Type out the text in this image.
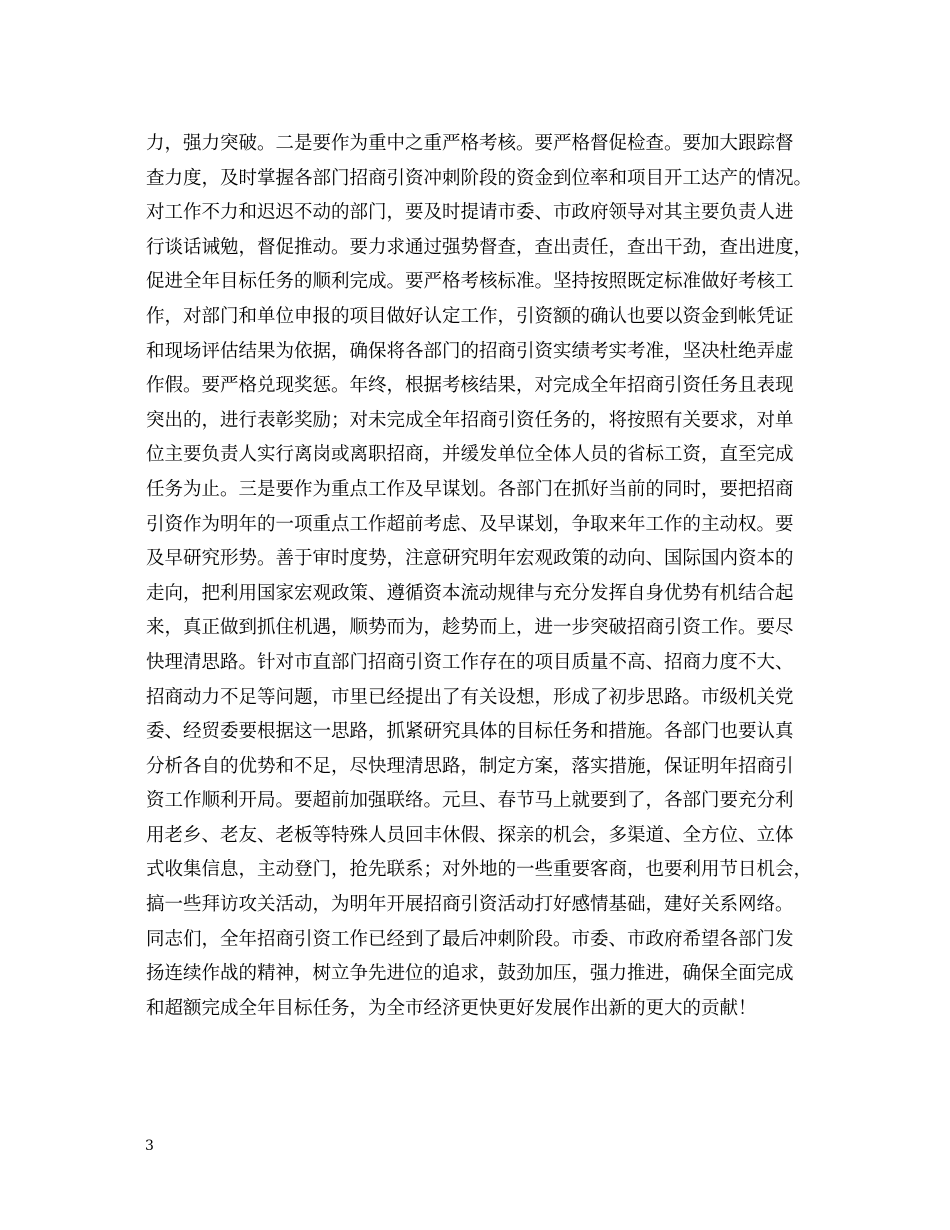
力，强力突破。二是要作为重中之重严格考核。要严格督促检查。要加大跟踪督
查力度，及时掌握各部门招商引资冲刺阶段的资金到位率和项目开工达产的情况。
对工作不力和迟迟不动的部门，要及时提请市委、市政府领导对其主要负责人进
行谈话诫勉，督促推动。要力求通过强势督查，查出责任，查出干劲，查出进度，
促进全年目标任务的顺利完成。要严格考核标准。坚持按照既定标准做好考核工
作，对部门和单位申报的项目做好认定工作，引资额的确认也要以资金到帐凭证
和现场评估结果为依据，确保将各部门的招商引资实绩考实考准，坚决杜绝弄虚
作假。要严格兑现奖惩。年终，根据考核结果，对完成全年招商引资任务且表现
突出的，进行表彰奖励；对未完成全年招商引资任务的，将按照有关要求，对单
位主要负责人实行离岗或离职招商，并缓发单位全体人员的省标工资，直至完成
任务为止。三是要作为重点工作及早谋划。各部门在抓好当前的同时，要把招商
引资作为明年的一项重点工作超前考虑、及早谋划，争取来年工作的主动权。要
及早研究形势。善于审时度势，注意研究明年宏观政策的动向、国际国内资本的
走向，把利用国家宏观政策、遵循资本流动规律与充分发挥自身优势有机结合起
来，真正做到抓住机遇，顺势而为，趁势而上，进一步突破招商引资工作。要尽
快理清思路。针对市直部门招商引资工作存在的项目质量不高、招商力度不大、
招商动力不足等问题，市里已经提出了有关设想，形成了初步思路。市级机关党
委、经贸委要根据这一思路，抓紧研究具体的目标任务和措施。各部门也要认真
分析各自的优势和不足，尽快理清思路，制定方案，落实措施，保证明年招商引
资工作顺利开局。要超前加强联络。元旦、春节马上就要到了，各部门要充分利
用老乡、老友、老板等特殊人员回丰休假、探亲的机会，多渠道、全方位、立体
式收集信息，主动登门，抢先联系；对外地的一些重要客商，也要利用节日机会，
搞一些拜访攻关活动，为明年开展招商引资活动打好感情基础，建好关系网络。
同志们，全年招商引资工作已经到了最后冲刺阶段。市委、市政府希望各部门发
扬连续作战的精神，树立争先进位的追求，鼓劲加压，强力推进，确保全面完成
和超额完成全年目标任务，为全市经济更快更好发展作出新的更大的贡献！
3
